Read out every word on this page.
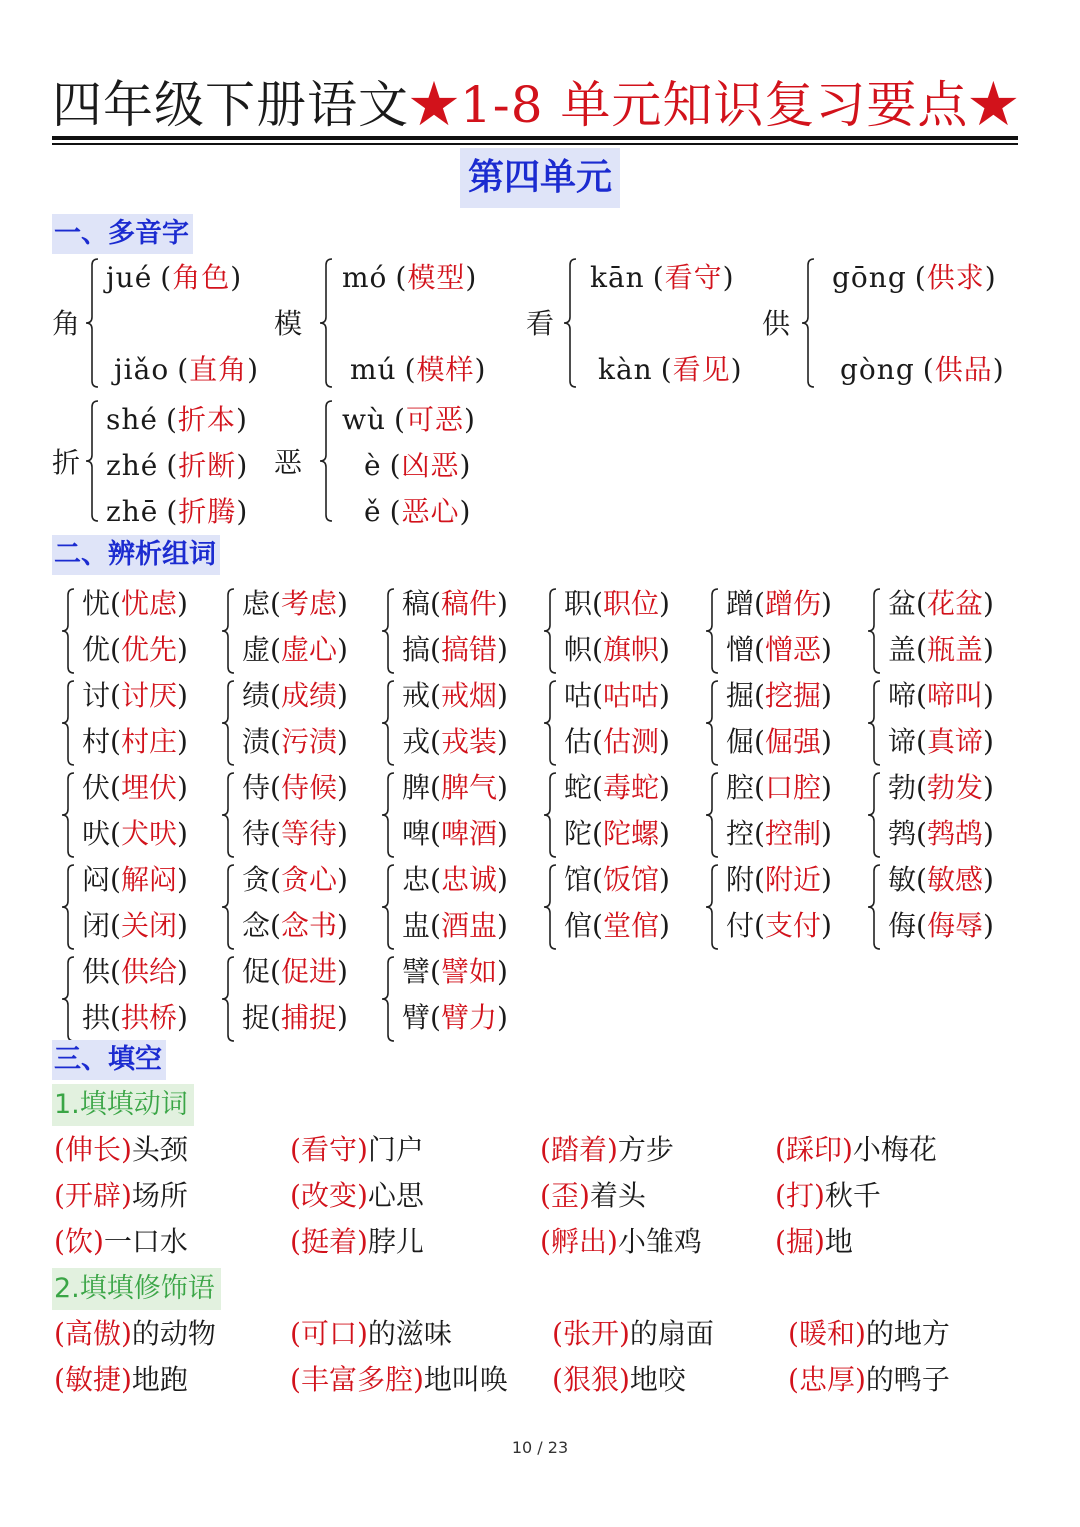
四年级下册语文★1-8 单元知识复习要点★
第四单元
一、多音字
角
jué (角色)
jiǎo (直角)
模
mó (模型)
mú (模样)
看
kān (看守)
kàn (看见)
供
gōng (供求)
gòng (供品)
折
shé (折本)
zhé (折断)
zhē (折腾)
恶
wù (可恶)
è (凶恶)
ě (恶心)
二、辨析组词
忧(忧虑)
优(优先)
虑(考虑)
虚(虚心)
稿(稿件)
搞(搞错)
职(职位)
帜(旗帜)
蹭(蹭伤)
憎(憎恶)
盆(花盆)
盖(瓶盖)
讨(讨厌)
村(村庄)
绩(成绩)
渍(污渍)
戒(戒烟)
戎(戎装)
咕(咕咕)
估(估测)
掘(挖掘)
倔(倔强)
啼(啼叫)
谛(真谛)
伏(埋伏)
吠(犬吠)
侍(侍候)
待(等待)
脾(脾气)
啤(啤酒)
蛇(毒蛇)
陀(陀螺)
腔(口腔)
控(控制)
勃(勃发)
鹁(鹁鸪)
闷(解闷)
闭(关闭)
贪(贪心)
念(念书)
忠(忠诚)
盅(酒盅)
馆(饭馆)
倌(堂倌)
附(附近)
付(支付)
敏(敏感)
侮(侮辱)
供(供给)
拱(拱桥)
促(促进)
捉(捕捉)
譬(譬如)
臂(臂力)
三、填空
1.填填动词
(伸长)头颈	(看守)门户	(踏着)方步	(踩印)小梅花
(开辟)场所	(改变)心思	(歪)着头	(打)秋千
(饮)一口水	(挺着)脖儿	(孵出)小雏鸡	(掘)地
2.填填修饰语
(高傲)的动物	(可口)的滋味	(张开)的扇面	(暖和)的地方
(敏捷)地跑	(丰富多腔)地叫唤 (狠狠)地咬	(忠厚)的鸭子
10 / 23
